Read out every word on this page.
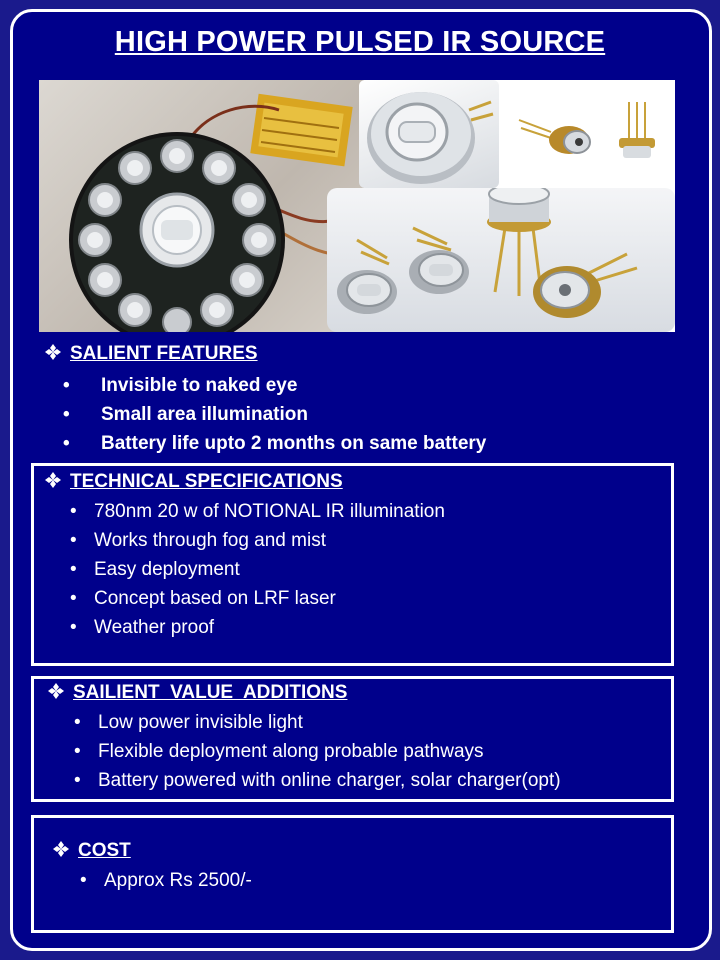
HIGH POWER PULSED IR SOURCE
SALIENT FEATURES
• Invisible to naked eye
• Small area illumination
• Battery life upto 2 months on same battery
TECHNICAL SPECIFICATIONS
• 780nm 20 w of NOTIONAL IR illumination
• Works through fog and mist
• Easy deployment
• Concept based on LRF laser
• Weather proof
SAILIENT  VALUE  ADDITIONS
• Low power invisible light
• Flexible deployment along probable pathways
• Battery powered with online charger, solar charger(opt)
COST
• Approx Rs 2500/-
